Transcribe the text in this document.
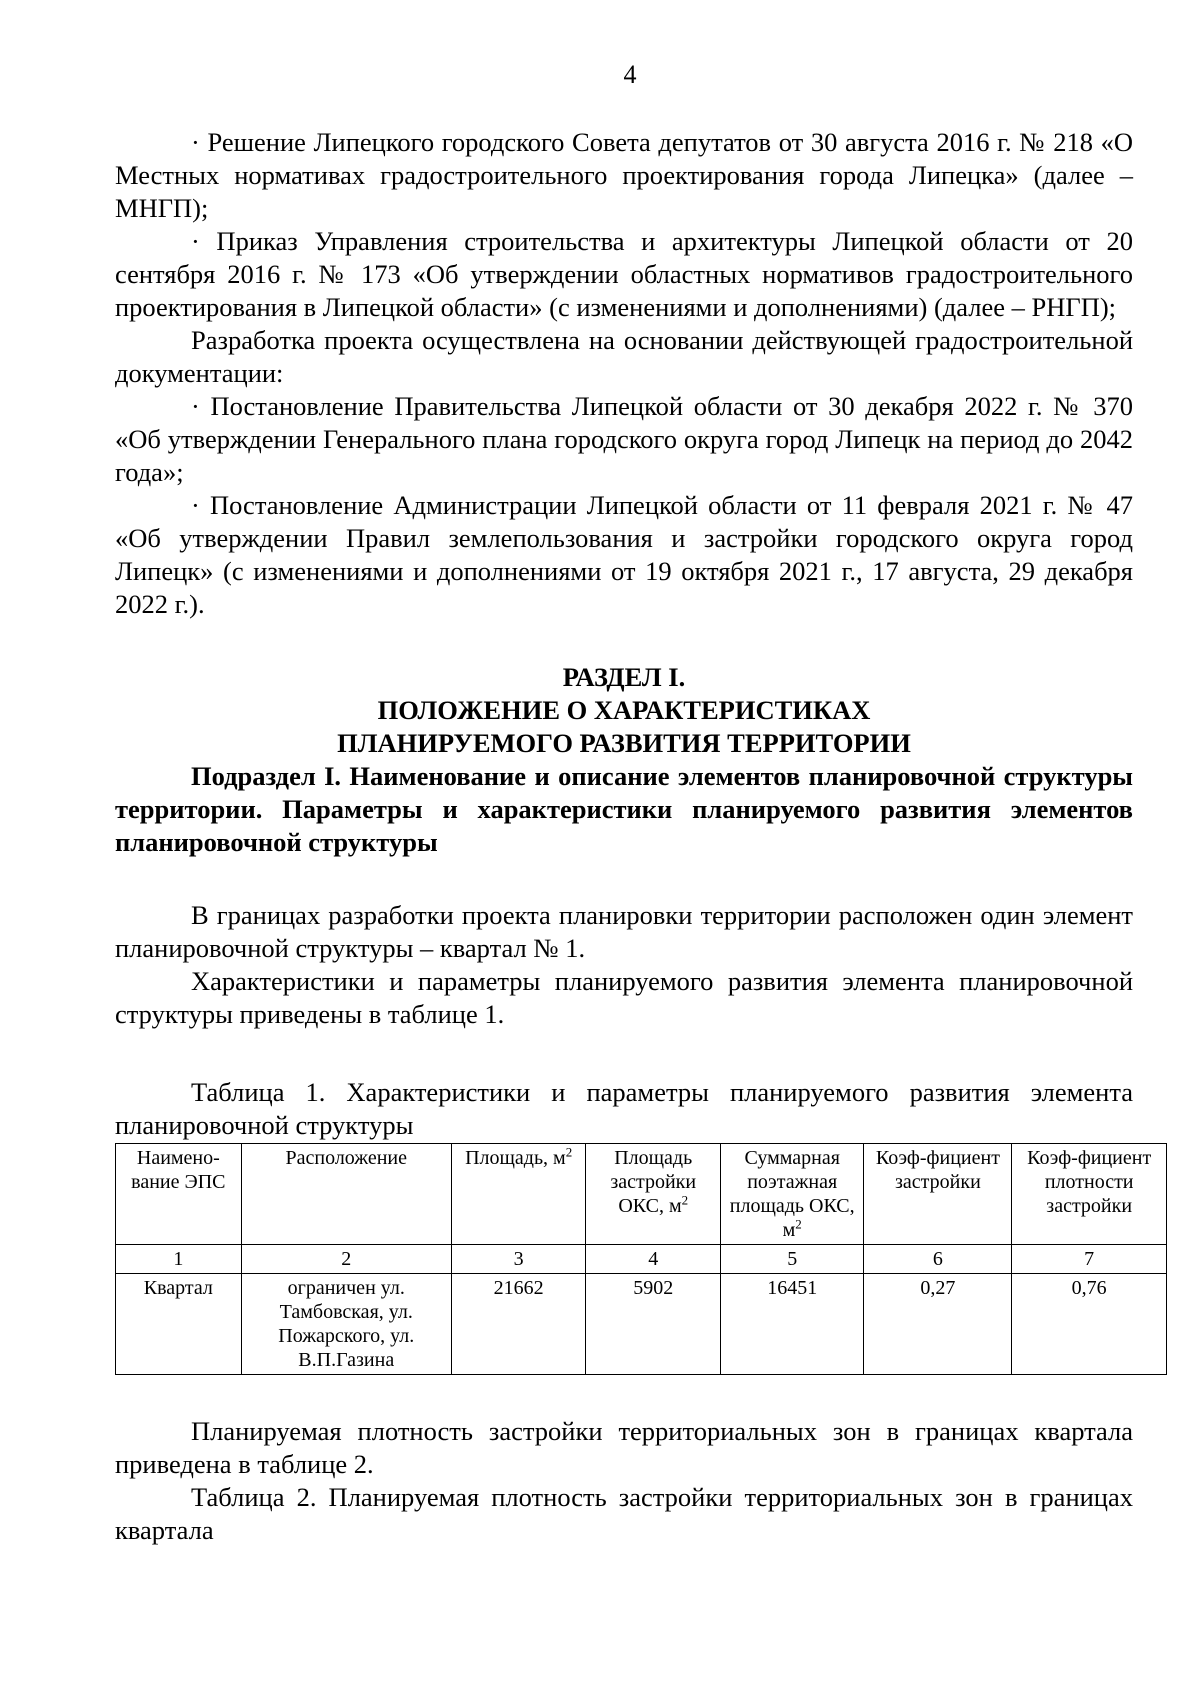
4

· Решение Липецкого городского Совета депутатов от 30 августа 2016 г. № 218 «О Местных нормативах градостроительного проектирования города Липецка» (далее – МНГП);

· Приказ Управления строительства и архитектуры Липецкой области от 20 сентября 2016 г. № 173 «Об утверждении областных нормативов градостроительного проектирования в Липецкой области» (с изменениями и дополнениями) (далее – РНГП);

Разработка проекта осуществлена на основании действующей градостроительной документации:

· Постановление Правительства Липецкой области от 30 декабря 2022 г. № 370 «Об утверждении Генерального плана городского округа город Липецк на период до 2042 года»;

· Постановление Администрации Липецкой области от 11 февраля 2021 г. № 47 «Об утверждении Правил землепользования и застройки городского округа город Липецк» (с изменениями и дополнениями от 19 октября 2021 г., 17 августа, 29 декабря 2022 г.).

РАЗДЕЛ I.

ПОЛОЖЕНИЕ О ХАРАКТЕРИСТИКАХ

ПЛАНИРУЕМОГО РАЗВИТИЯ ТЕРРИТОРИИ

Подраздел I. Наименование и описание элементов планировочной структуры территории. Параметры и характеристики планируемого развития элементов планировочной структуры

В границах разработки проекта планировки территории расположен один элемент планировочной структуры – квартал № 1.

Характеристики и параметры планируемого развития элемента планировочной структуры приведены в таблице 1.

Таблица 1. Характеристики и параметры планируемого развития элемента планировочной структуры

Наимено-вание ЭПС	Расположение	Площадь, $м^2$	Площадь застройки ОКС, $м^2$	Суммарная поэтажная площадь ОКС, $м^2$	Коэф-фициент застройки	Коэф-фициент плотности застройки
1	2	3	4	5	6	7
Квартал	ограничен ул. Тамбовская, ул. Пожарского, ул. В.П.Газина	21662	5902	16451	0,27	0,76

Планируемая плотность застройки территориальных зон в границах квартала приведена в таблице 2.

Таблица 2. Планируемая плотность застройки территориальных зон в границах квартала
